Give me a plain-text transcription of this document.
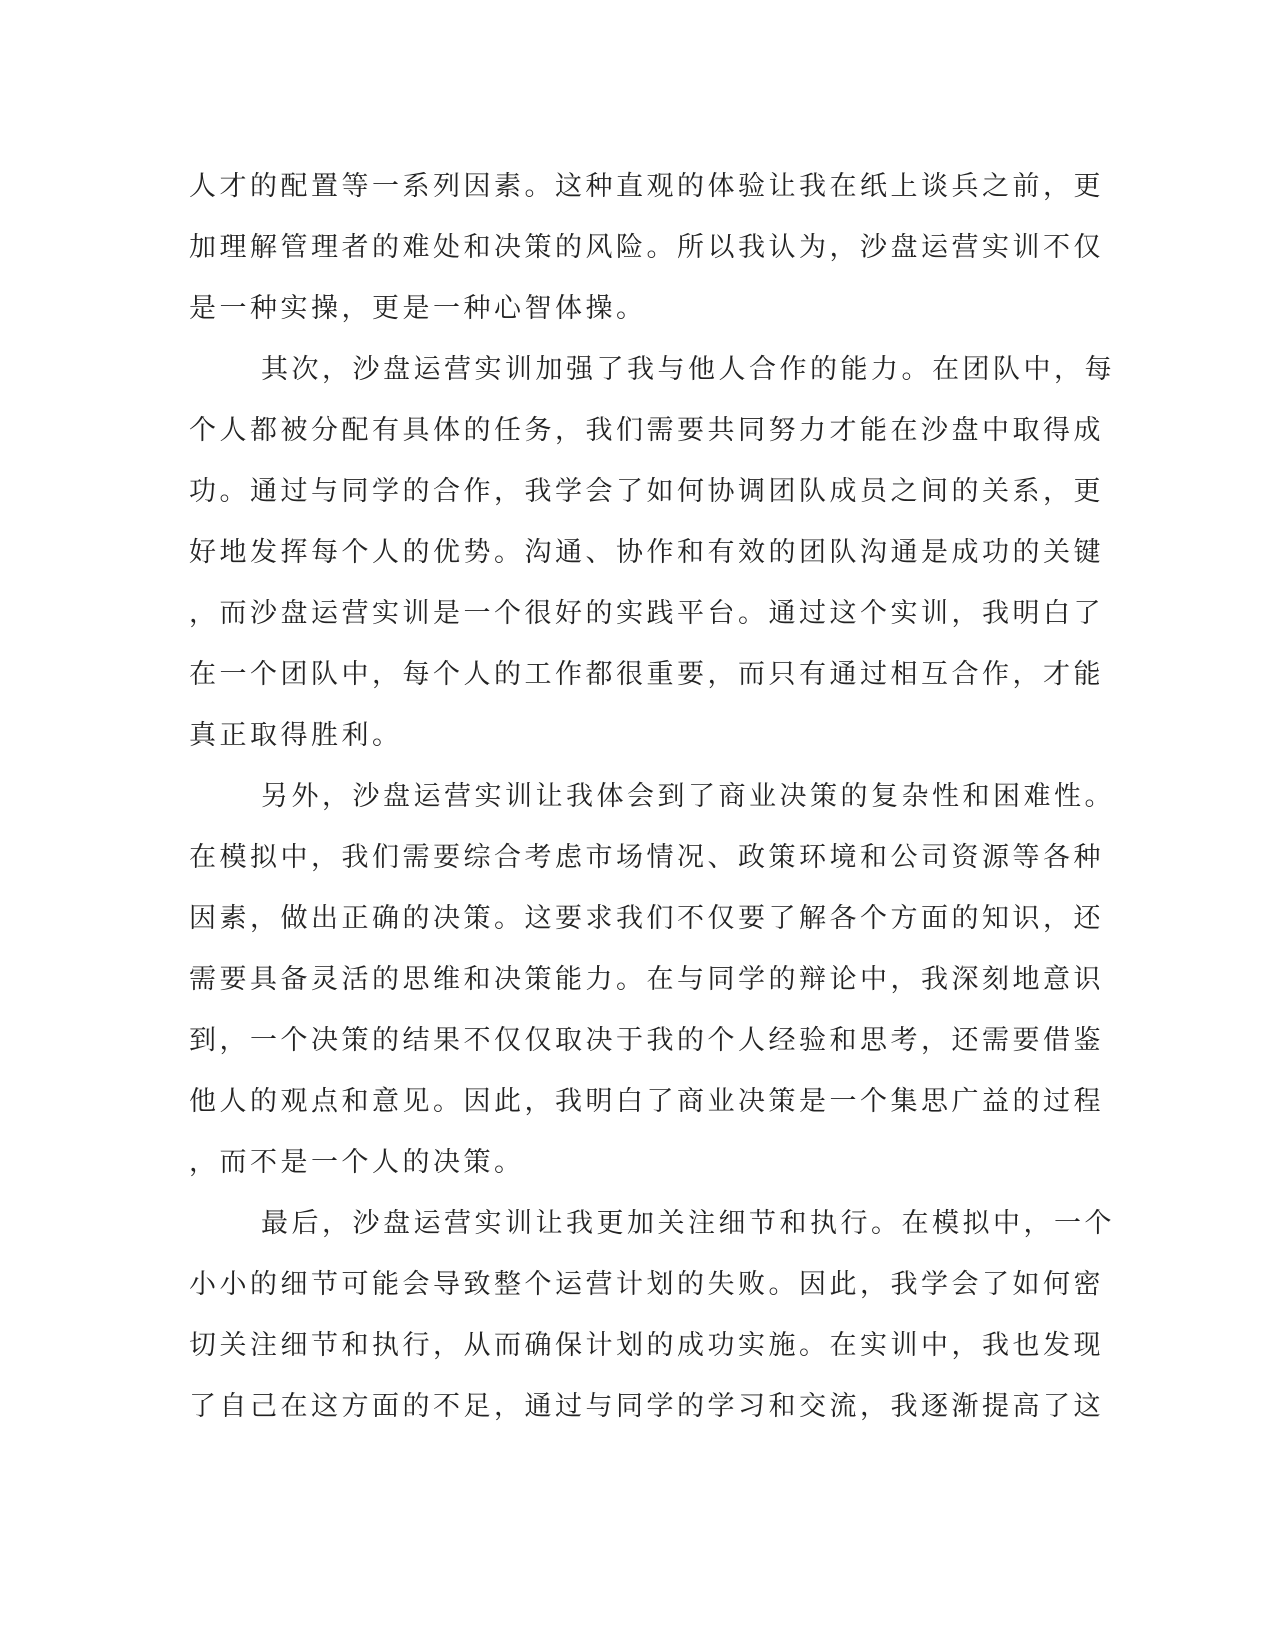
人才的配置等一系列因素。这种直观的体验让我在纸上谈兵之前，更
加理解管理者的难处和决策的风险。所以我认为，沙盘运营实训不仅
是一种实操，更是一种心智体操。
其次，沙盘运营实训加强了我与他人合作的能力。在团队中，每
个人都被分配有具体的任务，我们需要共同努力才能在沙盘中取得成
功。通过与同学的合作，我学会了如何协调团队成员之间的关系，更
好地发挥每个人的优势。沟通、协作和有效的团队沟通是成功的关键
，而沙盘运营实训是一个很好的实践平台。通过这个实训，我明白了
在一个团队中，每个人的工作都很重要，而只有通过相互合作，才能
真正取得胜利。
另外，沙盘运营实训让我体会到了商业决策的复杂性和困难性。
在模拟中，我们需要综合考虑市场情况、政策环境和公司资源等各种
因素，做出正确的决策。这要求我们不仅要了解各个方面的知识，还
需要具备灵活的思维和决策能力。在与同学的辩论中，我深刻地意识
到，一个决策的结果不仅仅取决于我的个人经验和思考，还需要借鉴
他人的观点和意见。因此，我明白了商业决策是一个集思广益的过程
，而不是一个人的决策。
最后，沙盘运营实训让我更加关注细节和执行。在模拟中，一个
小小的细节可能会导致整个运营计划的失败。因此，我学会了如何密
切关注细节和执行，从而确保计划的成功实施。在实训中，我也发现
了自己在这方面的不足，通过与同学的学习和交流，我逐渐提高了这
